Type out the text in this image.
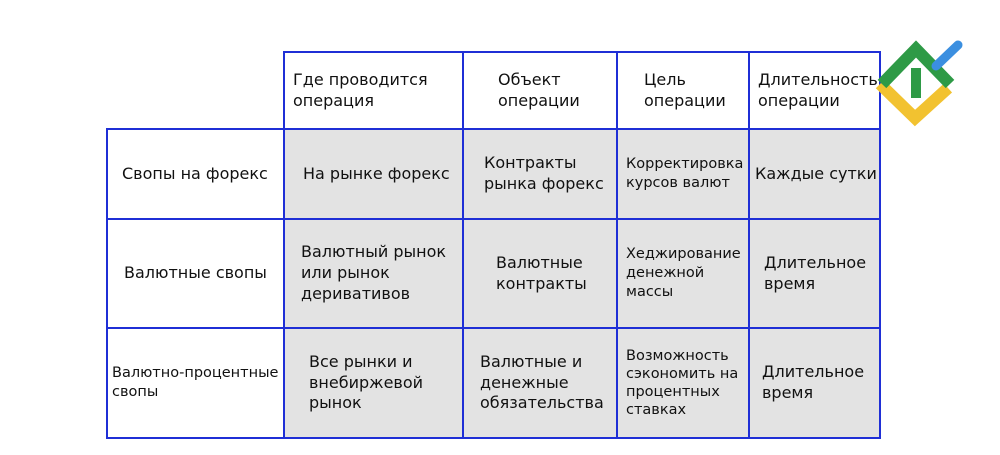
Где проводится
операция
Объект
операции
Цель
операции
Длительность
операции
Свопы на форекс	На рынке форекс
Контракты
рынка форекс
Корректировка
курсов валют
Каждые сутки
Валютные свопы
Валютный рынок
или рынок
деривативов
Валютные
контракты
Хеджирование
денежной
массы
Длительное
время
Валютно-процентные
свопы
Все рынки и
внебиржевой
рынок
Валютные и
денежные
обязательства
Возможность
сэкономить на
процентных
ставках
Длительное
время
